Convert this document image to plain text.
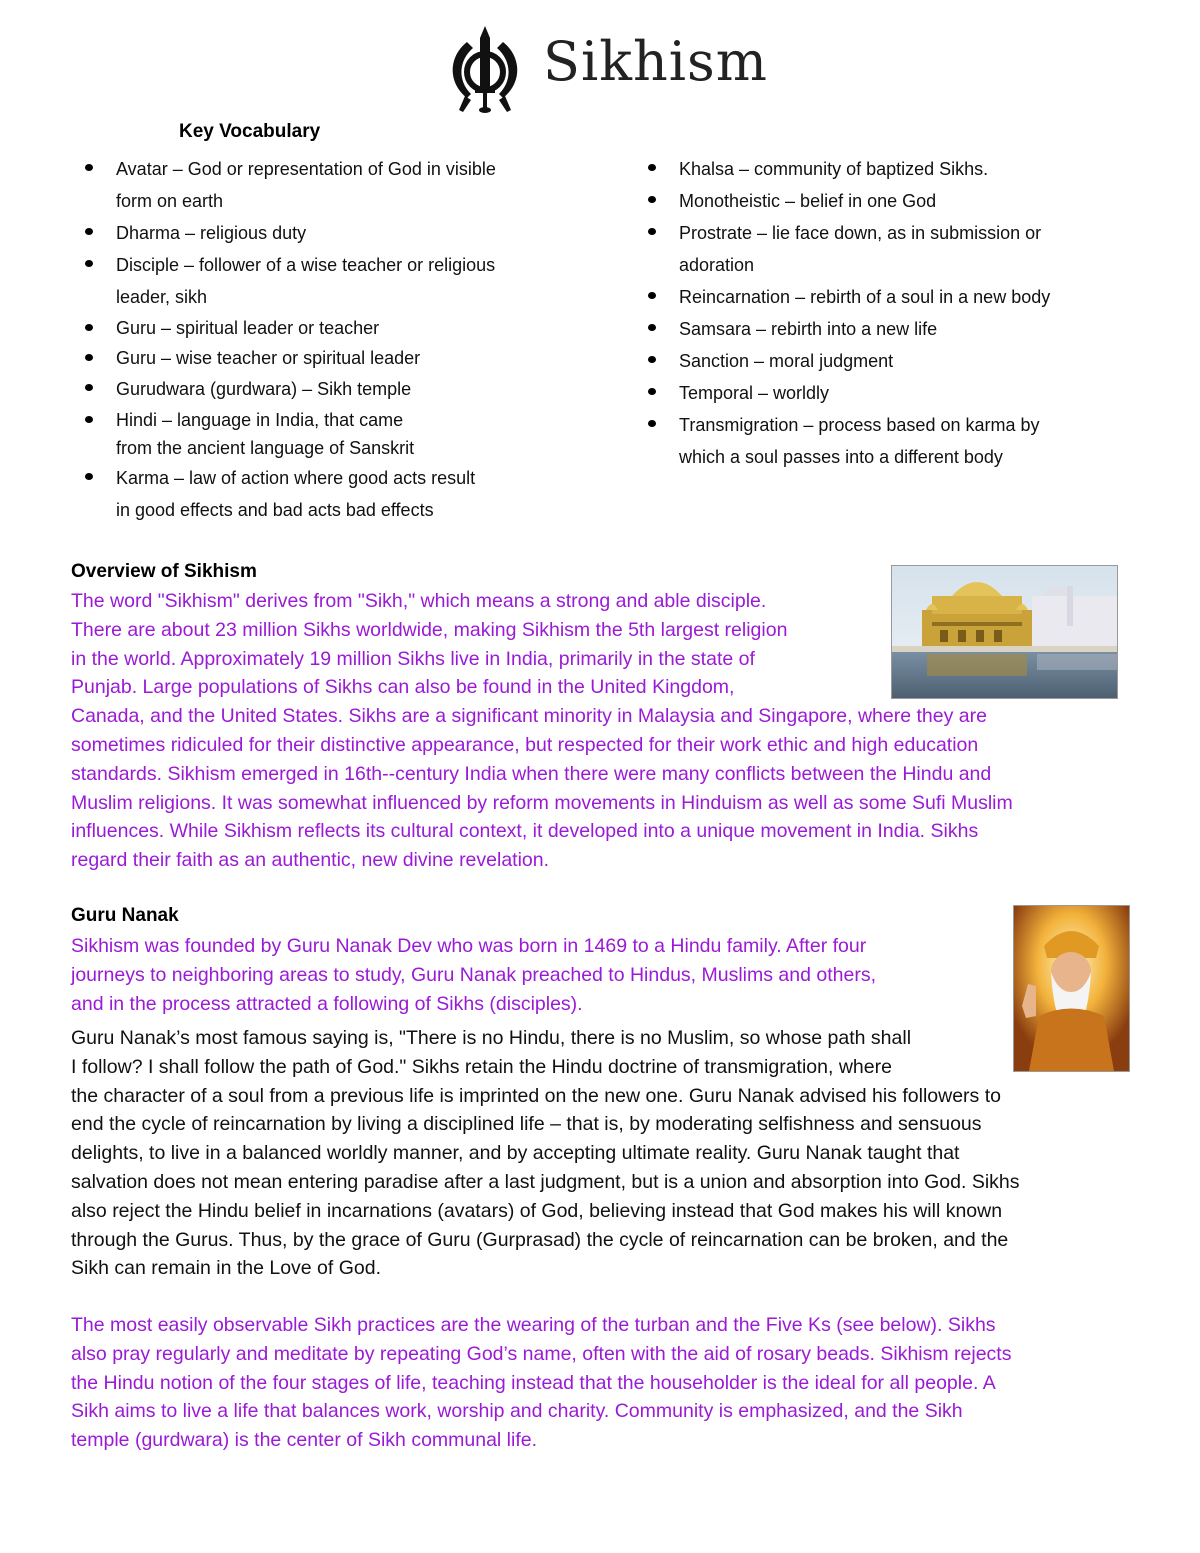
Sikhism
Key Vocabulary
Avatar – God or representation of God in visible
form on earth
Dharma – religious duty
Disciple – follower of a wise teacher or religious
leader, sikh
Guru – spiritual leader or teacher
Guru – wise teacher or spiritual leader
Gurudwara (gurdwara) – Sikh temple
Hindi – language in India, that came
from the ancient language of Sanskrit
Karma – law of action where good acts result
in good effects and bad acts bad effects
Khalsa – community of baptized Sikhs.
Monotheistic – belief in one God
Prostrate – lie face down, as in submission or
adoration
Reincarnation – rebirth of a soul in a new body
Samsara – rebirth into a new life
Sanction – moral judgment
Temporal – worldly
Transmigration – process based on karma by
which a soul passes into a different body
Overview of Sikhism
The word "Sikhism" derives from "Sikh," which means a strong and able disciple.
There are about 23 million Sikhs worldwide, making Sikhism the 5th largest religion
in the world. Approximately 19 million Sikhs live in India, primarily in the state of
Punjab. Large populations of Sikhs can also be found in the United Kingdom,
Canada, and the United States. Sikhs are a significant minority in Malaysia and Singapore, where they are
sometimes ridiculed for their distinctive appearance, but respected for their work ethic and high education
standards. Sikhism emerged in 16th--century India when there were many conflicts between the Hindu and
Muslim religions. It was somewhat influenced by reform movements in Hinduism as well as some Sufi Muslim
influences. While Sikhism reflects its cultural context, it developed into a unique movement in India. Sikhs
regard their faith as an authentic, new divine revelation.
Guru Nanak
Sikhism was founded by Guru Nanak Dev who was born in 1469 to a Hindu family. After four
journeys to neighboring areas to study, Guru Nanak preached to Hindus, Muslims and others,
and in the process attracted a following of Sikhs (disciples).
Guru Nanak’s most famous saying is, "There is no Hindu, there is no Muslim, so whose path shall
I follow? I shall follow the path of God." Sikhs retain the Hindu doctrine of transmigration, where
the character of a soul from a previous life is imprinted on the new one. Guru Nanak advised his followers to
end the cycle of reincarnation by living a disciplined life – that is, by moderating selfishness and sensuous
delights, to live in a balanced worldly manner, and by accepting ultimate reality. Guru Nanak taught that
salvation does not mean entering paradise after a last judgment, but is a union and absorption into God. Sikhs
also reject the Hindu belief in incarnations (avatars) of God, believing instead that God makes his will known
through the Gurus. Thus, by the grace of Guru (Gurprasad) the cycle of reincarnation can be broken, and the
Sikh can remain in the Love of God.
The most easily observable Sikh practices are the wearing of the turban and the Five Ks (see below). Sikhs
also pray regularly and meditate by repeating God’s name, often with the aid of rosary beads. Sikhism rejects
the Hindu notion of the four stages of life, teaching instead that the householder is the ideal for all people. A
Sikh aims to live a life that balances work, worship and charity. Community is emphasized, and the Sikh
temple (gurdwara) is the center of Sikh communal life.
